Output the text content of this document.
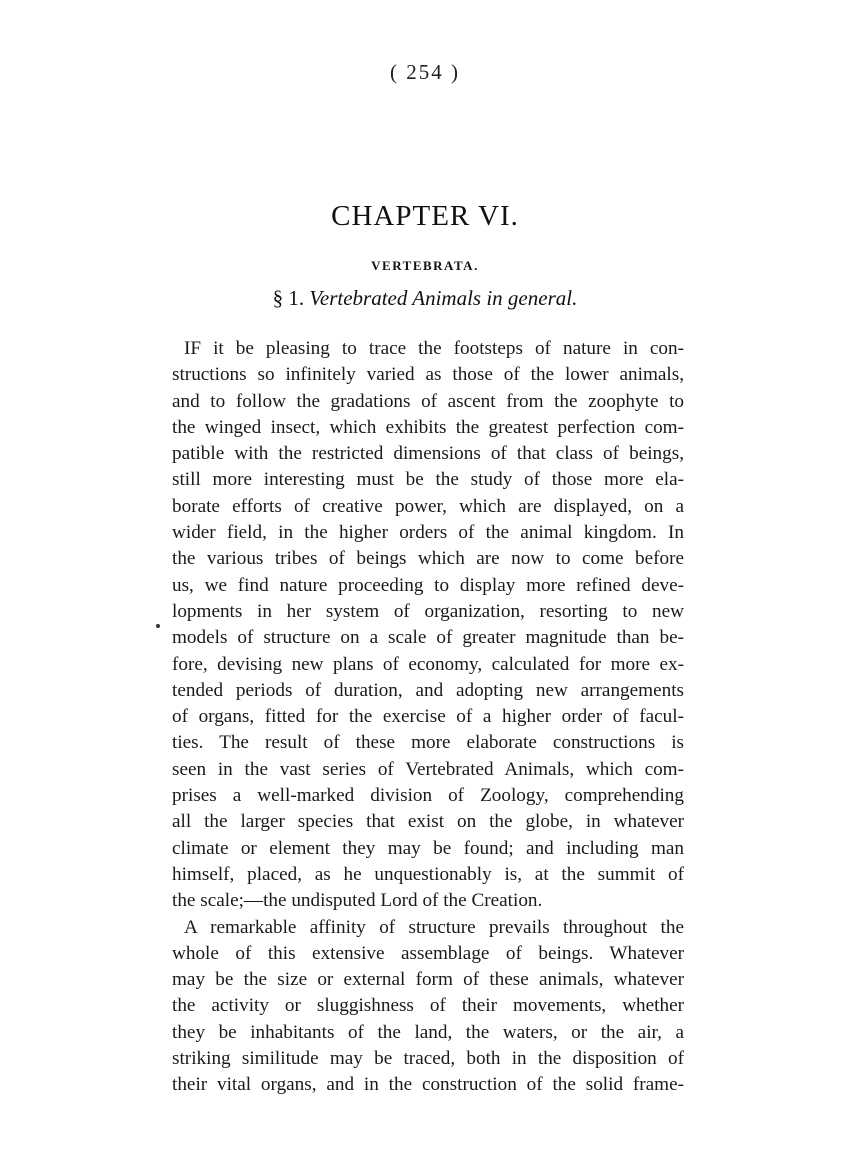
( 254 )
CHAPTER VI.
VERTEBRATA.
§ 1. Vertebrated Animals in general.
IF it be pleasing to trace the footsteps of nature in con-
structions so infinitely varied as those of the lower animals,
and to follow the gradations of ascent from the zoophyte to
the winged insect, which exhibits the greatest perfection com-
patible with the restricted dimensions of that class of beings,
still more interesting must be the study of those more ela-
borate efforts of creative power, which are displayed, on a
wider field, in the higher orders of the animal kingdom. In
the various tribes of beings which are now to come before
us, we find nature proceeding to display more refined deve-
lopments in her system of organization, resorting to new
models of structure on a scale of greater magnitude than be-
fore, devising new plans of economy, calculated for more ex-
tended periods of duration, and adopting new arrangements
of organs, fitted for the exercise of a higher order of facul-
ties. The result of these more elaborate constructions is
seen in the vast series of Vertebrated Animals, which com-
prises a well-marked division of Zoology, comprehending
all the larger species that exist on the globe, in whatever
climate or element they may be found; and including man
himself, placed, as he unquestionably is, at the summit of
the scale;—the undisputed Lord of the Creation.
A remarkable affinity of structure prevails throughout the
whole of this extensive assemblage of beings. Whatever
may be the size or external form of these animals, whatever
the activity or sluggishness of their movements, whether
they be inhabitants of the land, the waters, or the air, a
striking similitude may be traced, both in the disposition of
their vital organs, and in the construction of the solid frame-
